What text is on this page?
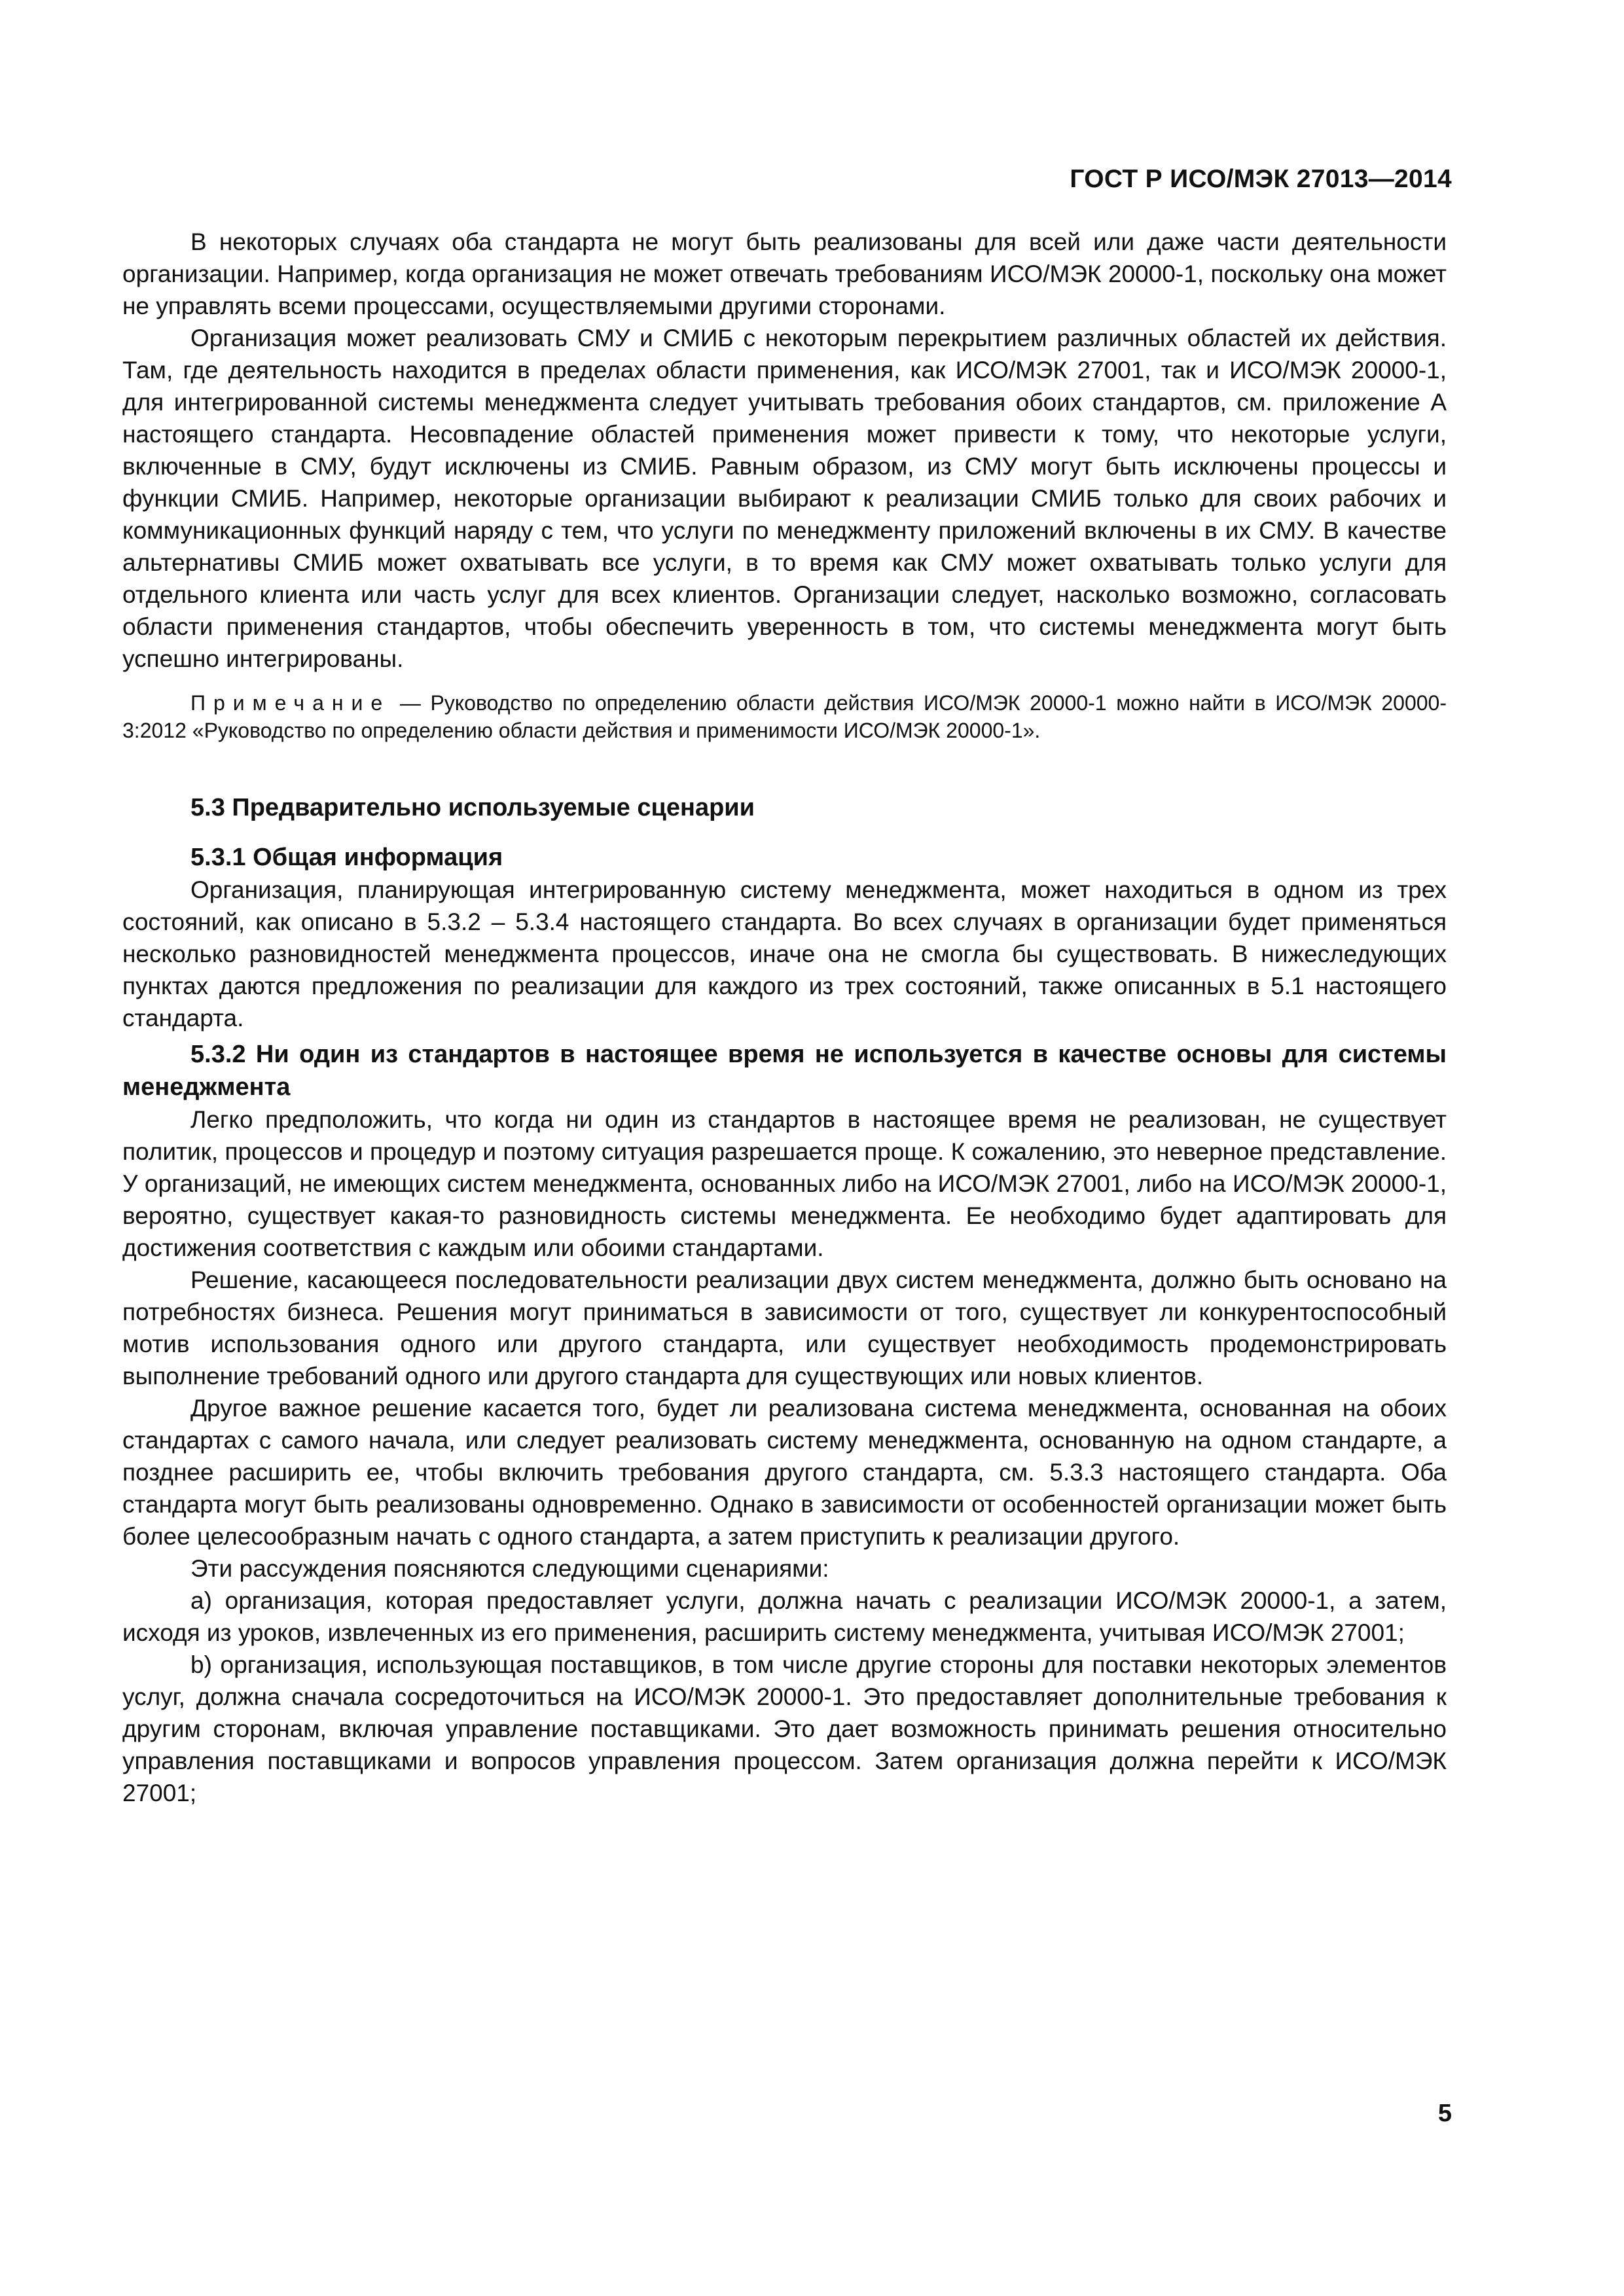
ГОСТ Р ИСО/МЭК 27013—2014

В некоторых случаях оба стандарта не могут быть реализованы для всей или даже части деятельности организации. Например, когда организация не может отвечать требованиям ИСО/МЭК 20000-1, поскольку она может не управлять всеми процессами, осуществляемыми другими сторонами.

Организация может реализовать СМУ и СМИБ с некоторым перекрытием различных областей их действия. Там, где деятельность находится в пределах области применения, как ИСО/МЭК 27001, так и ИСО/МЭК 20000-1, для интегрированной системы менеджмента следует учитывать требования обоих стандартов, см. приложение А настоящего стандарта. Несовпадение областей применения может привести к тому, что некоторые услуги, включенные в СМУ, будут исключены из СМИБ. Равным образом, из СМУ могут быть исключены процессы и функции СМИБ. Например, некоторые организации выбирают к реализации СМИБ только для своих рабочих и коммуникационных функций наряду с тем, что услуги по менеджменту приложений включены в их СМУ. В качестве альтернативы СМИБ может охватывать все услуги, в то время как СМУ может охватывать только услуги для отдельного клиента или часть услуг для всех клиентов. Организации следует, насколько возможно, согласовать области применения стандартов, чтобы обеспечить уверенность в том, что системы менеджмента могут быть успешно интегрированы.

Примечание — Руководство по определению области действия ИСО/МЭК 20000-1 можно найти в ИСО/МЭК 20000-3:2012 «Руководство по определению области действия и применимости ИСО/МЭК 20000-1».

5.3 Предварительно используемые сценарии
5.3.1 Общая информация

Организация, планирующая интегрированную систему менеджмента, может находиться в одном из трех состояний, как описано в 5.3.2 – 5.3.4 настоящего стандарта. Во всех случаях в организации будет применяться несколько разновидностей менеджмента процессов, иначе она не смогла бы существовать. В нижеследующих пунктах даются предложения по реализации для каждого из трех состояний, также описанных в 5.1 настоящего стандарта.

5.3.2 Ни один из стандартов в настоящее время не используется в качестве основы для системы менеджмента

Легко предположить, что когда ни один из стандартов в настоящее время не реализован, не существует политик, процессов и процедур и поэтому ситуация разрешается проще. К сожалению, это неверное представление. У организаций, не имеющих систем менеджмента, основанных либо на ИСО/МЭК 27001, либо на ИСО/МЭК 20000-1, вероятно, существует какая-то разновидность системы менеджмента. Ее необходимо будет адаптировать для достижения соответствия с каждым или обоими стандартами.

Решение, касающееся последовательности реализации двух систем менеджмента, должно быть основано на потребностях бизнеса. Решения могут приниматься в зависимости от того, существует ли конкурентоспособный мотив использования одного или другого стандарта, или существует необходимость продемонстрировать выполнение требований одного или другого стандарта для существующих или новых клиентов.

Другое важное решение касается того, будет ли реализована система менеджмента, основанная на обоих стандартах с самого начала, или следует реализовать систему менеджмента, основанную на одном стандарте, а позднее расширить ее, чтобы включить требования другого стандарта, см. 5.3.3 настоящего стандарта. Оба стандарта могут быть реализованы одновременно. Однако в зависимости от особенностей организации может быть более целесообразным начать с одного стандарта, а затем приступить к реализации другого.

Эти рассуждения поясняются следующими сценариями:

a) организация, которая предоставляет услуги, должна начать с реализации ИСО/МЭК 20000-1, а затем, исходя из уроков, извлеченных из его применения, расширить систему менеджмента, учитывая ИСО/МЭК 27001;

b) организация, использующая поставщиков, в том числе другие стороны для поставки некоторых элементов услуг, должна сначала сосредоточиться на ИСО/МЭК 20000-1. Это предоставляет дополнительные требования к другим сторонам, включая управление поставщиками. Это дает возможность принимать решения относительно управления поставщиками и вопросов управления процессом. Затем организация должна перейти к ИСО/МЭК 27001;

5
